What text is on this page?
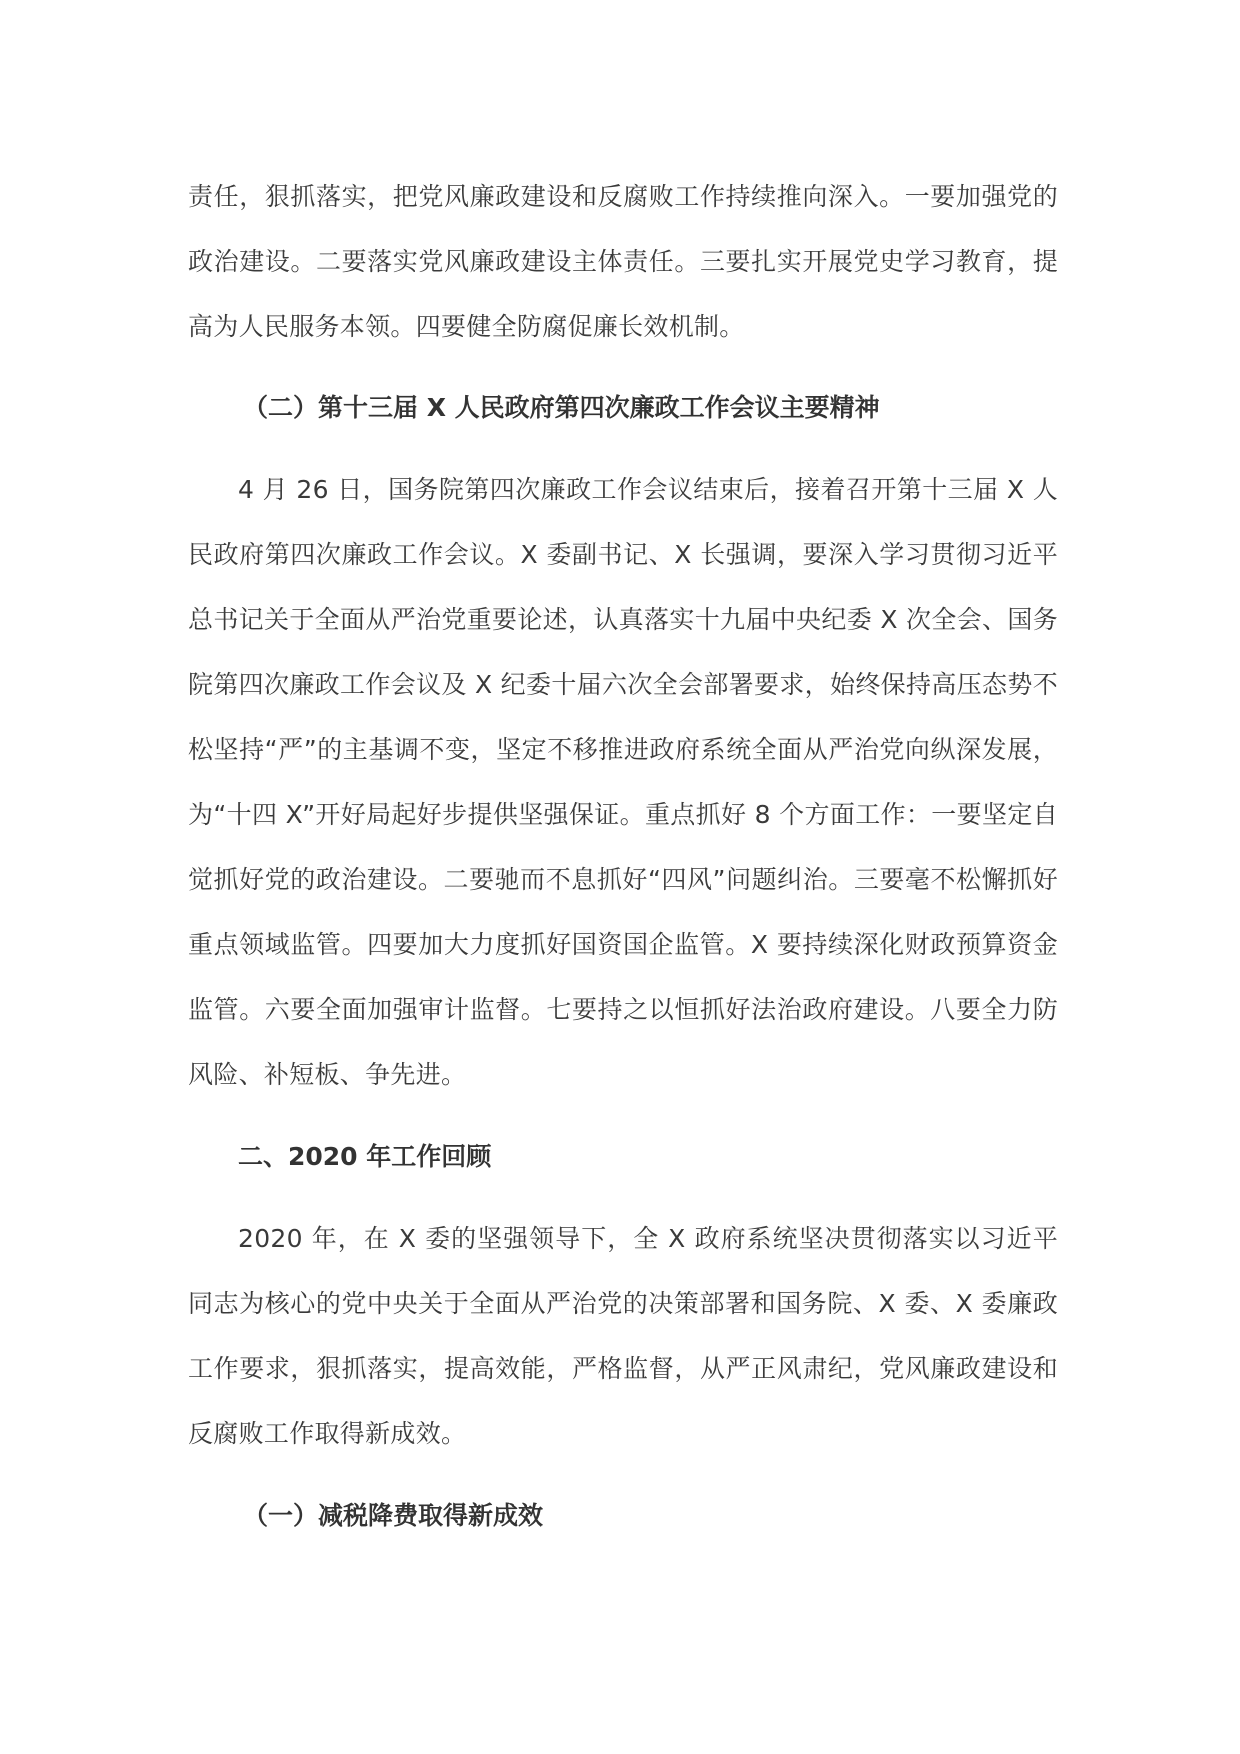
责任，狠抓落实，把党风廉政建设和反腐败工作持续推向深入。一要加强党的政治建设。二要落实党风廉政建设主体责任。三要扎实开展党史学习教育，提高为人民服务本领。四要健全防腐促廉长效机制。

（二）第十三届 X 人民政府第四次廉政工作会议主要精神

4 月 26 日，国务院第四次廉政工作会议结束后，接着召开第十三届 X 人民政府第四次廉政工作会议。X 委副书记、X 长强调，要深入学习贯彻习近平总书记关于全面从严治党重要论述，认真落实十九届中央纪委 X 次全会、国务院第四次廉政工作会议及 X 纪委十届六次全会部署要求，始终保持高压态势不松坚持“严”的主基调不变，坚定不移推进政府系统全面从严治党向纵深发展，为“十四 X”开好局起好步提供坚强保证。重点抓好 8 个方面工作：一要坚定自觉抓好党的政治建设。二要驰而不息抓好“四风”问题纠治。三要毫不松懈抓好重点领域监管。四要加大力度抓好国资国企监管。X 要持续深化财政预算资金监管。六要全面加强审计监督。七要持之以恒抓好法治政府建设。八要全力防风险、补短板、争先进。

二、2020 年工作回顾

2020 年，在 X 委的坚强领导下，全 X 政府系统坚决贯彻落实以习近平同志为核心的党中央关于全面从严治党的决策部署和国务院、X 委、X 委廉政工作要求，狠抓落实，提高效能，严格监督，从严正风肃纪，党风廉政建设和反腐败工作取得新成效。

（一）减税降费取得新成效
